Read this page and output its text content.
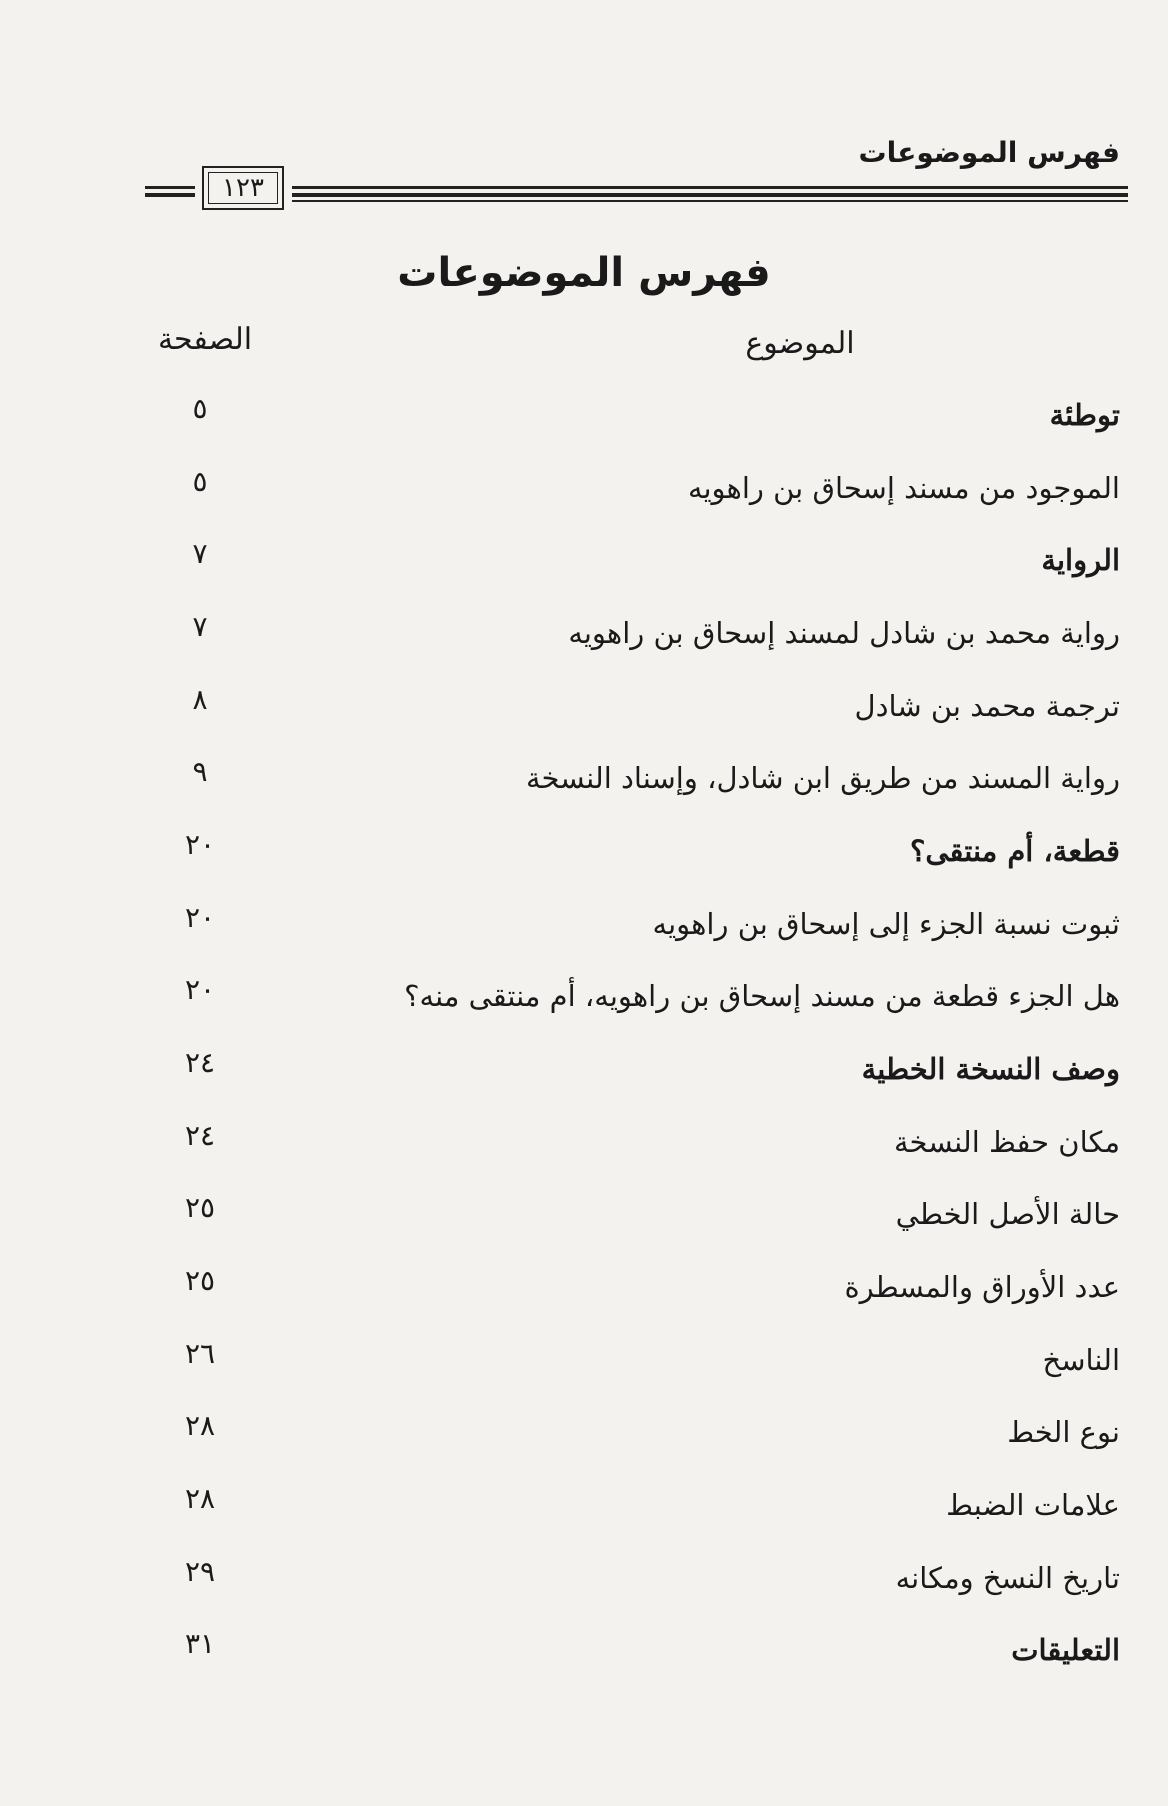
فهرس الموضوعات
١٢٣
فهرس الموضوعات
الموضوع
الصفحة
توطئة
٥
الموجود من مسند إسحاق بن راهويه
٥
الرواية
٧
رواية محمد بن شادل لمسند إسحاق بن راهويه
٧
ترجمة محمد بن شادل
٨
رواية المسند من طريق ابن شادل، وإسناد النسخة
٩
قطعة، أم منتقى؟
٢٠
ثبوت نسبة الجزء إلى إسحاق بن راهويه
٢٠
هل الجزء قطعة من مسند إسحاق بن راهويه، أم منتقى منه؟
٢٠
وصف النسخة الخطية
٢٤
مكان حفظ النسخة
٢٤
حالة الأصل الخطي
٢٥
عدد الأوراق والمسطرة
٢٥
الناسخ
٢٦
نوع الخط
٢٨
علامات الضبط
٢٨
تاريخ النسخ ومكانه
٢٩
التعليقات
٣١
